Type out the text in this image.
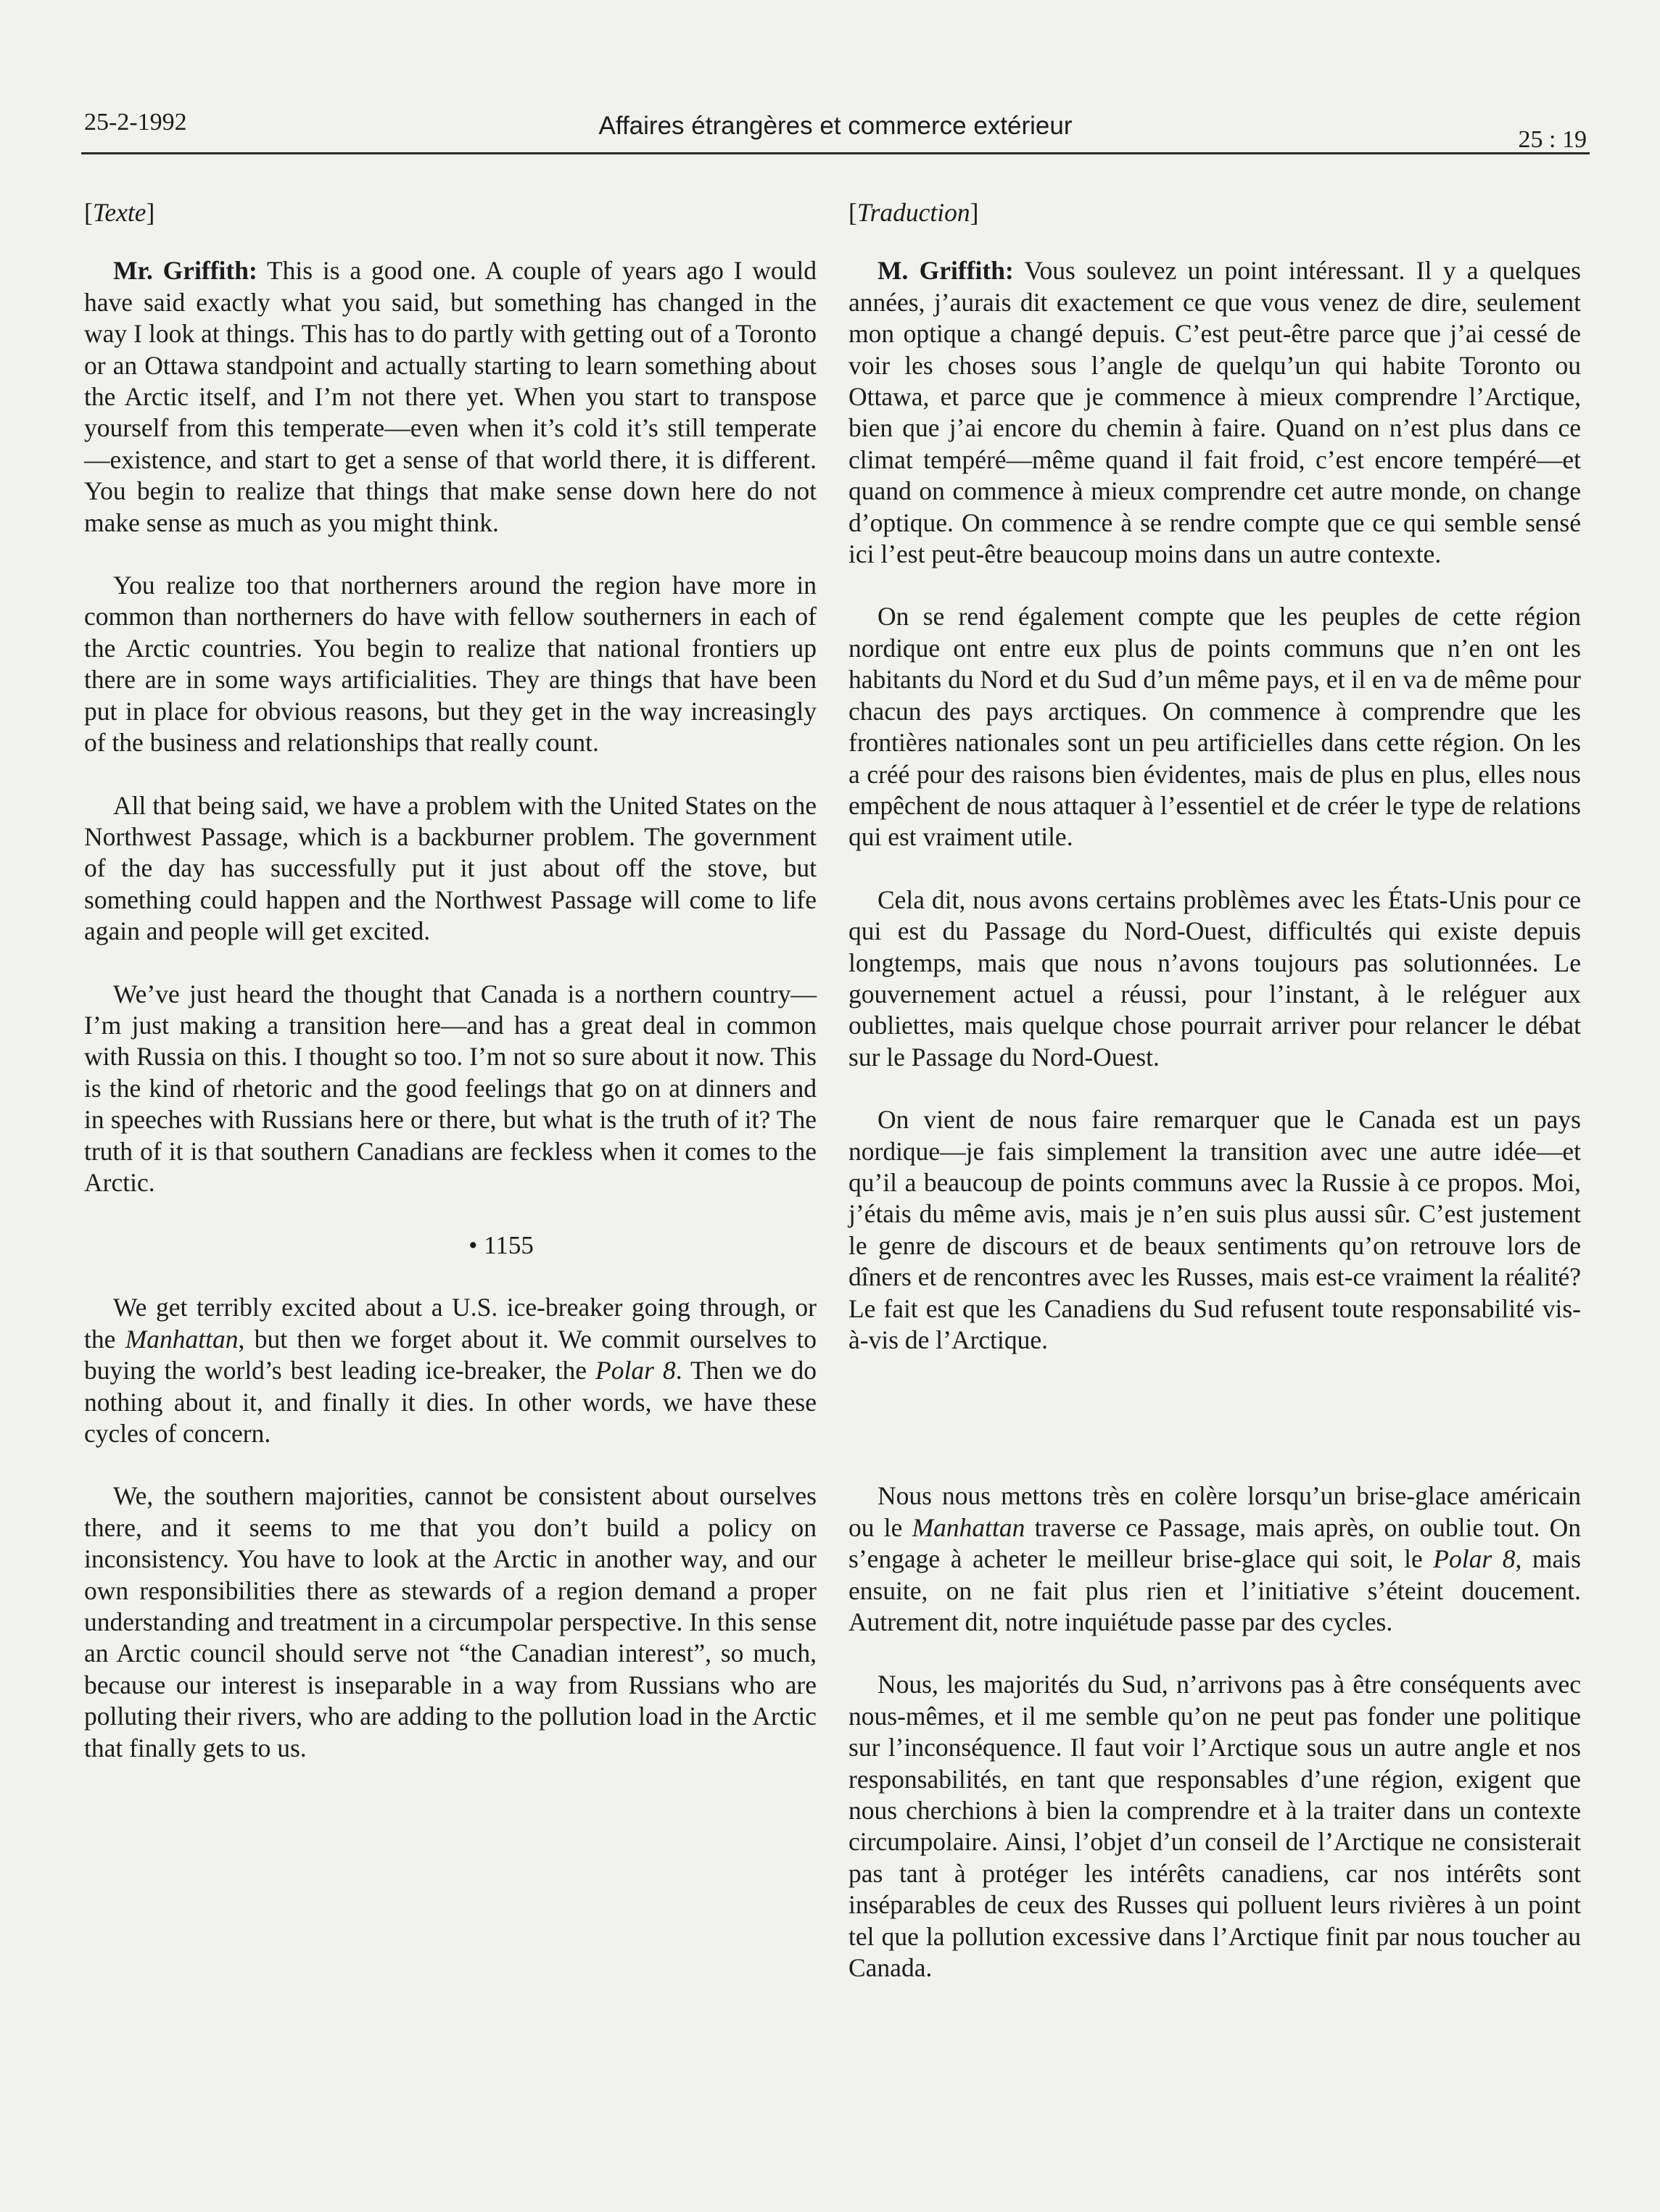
25-2-1992	Affaires étrangères et commerce extérieur	25 : 19
[Texte]

Mr. Griffith: This is a good one. A couple of years ago I would have said exactly what you said, but something has changed in the way I look at things. This has to do partly with getting out of a Toronto or an Ottawa standpoint and actually starting to learn something about the Arctic itself, and I’m not there yet. When you start to transpose yourself from this temperate—even when it’s cold it’s still temperate—existence, and start to get a sense of that world there, it is different. You begin to realize that things that make sense down here do not make sense as much as you might think.

You realize too that northerners around the region have more in common than northerners do have with fellow southerners in each of the Arctic countries. You begin to realize that national frontiers up there are in some ways artificialities. They are things that have been put in place for obvious reasons, but they get in the way increasingly of the business and relationships that really count.

All that being said, we have a problem with the United States on the Northwest Passage, which is a backburner problem. The government of the day has successfully put it just about off the stove, but something could happen and the Northwest Passage will come to life again and people will get excited.

We’ve just heard the thought that Canada is a northern country—I’m just making a transition here—and has a great deal in common with Russia on this. I thought so too. I’m not so sure about it now. This is the kind of rhetoric and the good feelings that go on at dinners and in speeches with Russians here or there, but what is the truth of it? The truth of it is that southern Canadians are feckless when it comes to the Arctic.

• 1155

We get terribly excited about a U.S. ice-breaker going through, or the Manhattan, but then we forget about it. We commit ourselves to buying the world’s best leading ice-breaker, the Polar 8. Then we do nothing about it, and finally it dies. In other words, we have these cycles of concern.

We, the southern majorities, cannot be consistent about ourselves there, and it seems to me that you don’t build a policy on inconsistency. You have to look at the Arctic in another way, and our own responsibilities there as stewards of a region demand a proper understanding and treatment in a circumpolar perspective. In this sense an Arctic council should serve not “the Canadian interest”, so much, because our interest is inseparable in a way from Russians who are polluting their rivers, who are adding to the pollution load in the Arctic that finally gets to us.

[Traduction]

M. Griffith: Vous soulevez un point intéressant. Il y a quelques années, j’aurais dit exactement ce que vous venez de dire, seulement mon optique a changé depuis. C’est peut-être parce que j’ai cessé de voir les choses sous l’angle de quelqu’un qui habite Toronto ou Ottawa, et parce que je commence à mieux comprendre l’Arctique, bien que j’ai encore du chemin à faire. Quand on n’est plus dans ce climat tempéré—même quand il fait froid, c’est encore tempéré—et quand on commence à mieux comprendre cet autre monde, on change d’optique. On commence à se rendre compte que ce qui semble sensé ici l’est peut-être beaucoup moins dans un autre contexte.

On se rend également compte que les peuples de cette région nordique ont entre eux plus de points communs que n’en ont les habitants du Nord et du Sud d’un même pays, et il en va de même pour chacun des pays arctiques. On commence à comprendre que les frontières nationales sont un peu artificielles dans cette région. On les a créé pour des raisons bien évidentes, mais de plus en plus, elles nous empêchent de nous attaquer à l’essentiel et de créer le type de relations qui est vraiment utile.

Cela dit, nous avons certains problèmes avec les États-Unis pour ce qui est du Passage du Nord-Ouest, difficultés qui existe depuis longtemps, mais que nous n’avons toujours pas solutionnées. Le gouvernement actuel a réussi, pour l’instant, à le reléguer aux oubliettes, mais quelque chose pourrait arriver pour relancer le débat sur le Passage du Nord-Ouest.

On vient de nous faire remarquer que le Canada est un pays nordique—je fais simplement la transition avec une autre idée—et qu’il a beaucoup de points communs avec la Russie à ce propos. Moi, j’étais du même avis, mais je n’en suis plus aussi sûr. C’est justement le genre de discours et de beaux sentiments qu’on retrouve lors de dîners et de rencontres avec les Russes, mais est-ce vraiment la réalité? Le fait est que les Canadiens du Sud refusent toute responsabilité vis-à-vis de l’Arctique.

Nous nous mettons très en colère lorsqu’un brise-glace américain ou le Manhattan traverse ce Passage, mais après, on oublie tout. On s’engage à acheter le meilleur brise-glace qui soit, le Polar 8, mais ensuite, on ne fait plus rien et l’initiative s’éteint doucement. Autrement dit, notre inquiétude passe par des cycles.

Nous, les majorités du Sud, n’arrivons pas à être conséquents avec nous-mêmes, et il me semble qu’on ne peut pas fonder une politique sur l’inconséquence. Il faut voir l’Arctique sous un autre angle et nos responsabilités, en tant que responsables d’une région, exigent que nous cherchions à bien la comprendre et à la traiter dans un contexte circumpolaire. Ainsi, l’objet d’un conseil de l’Arctique ne consisterait pas tant à protéger les intérêts canadiens, car nos intérêts sont inséparables de ceux des Russes qui polluent leurs rivières à un point tel que la pollution excessive dans l’Arctique finit par nous toucher au Canada.
